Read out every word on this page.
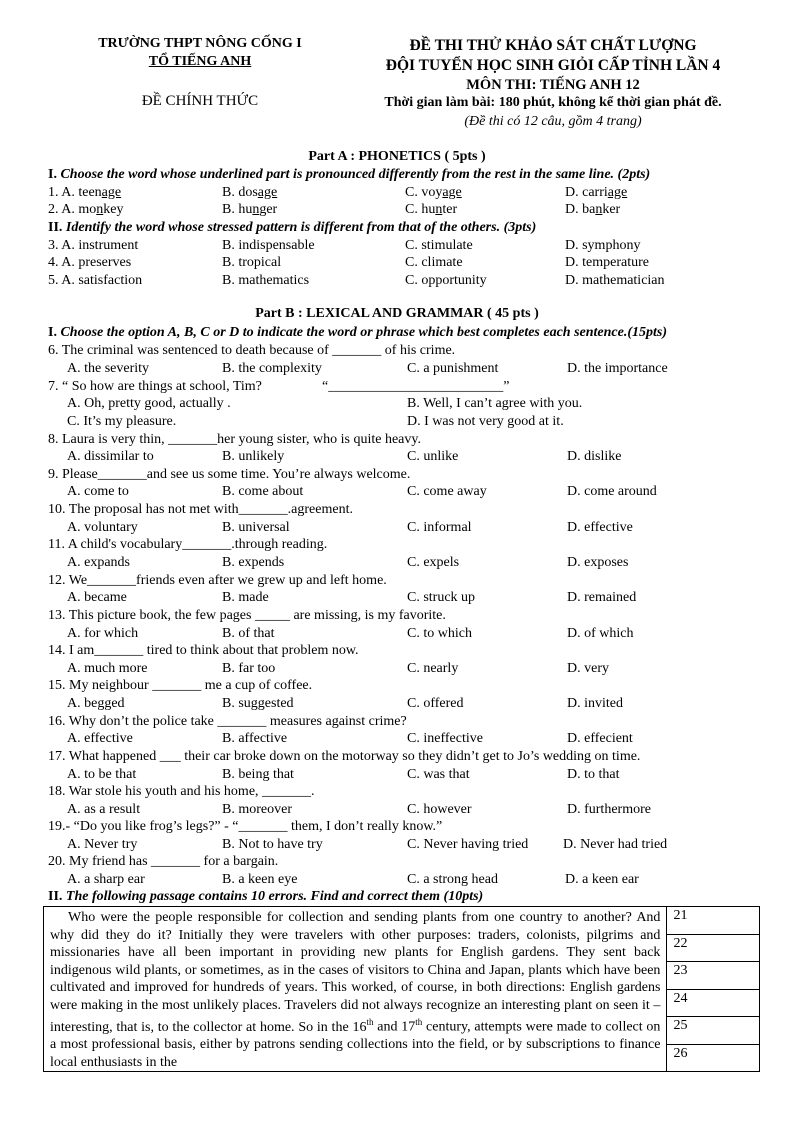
TRƯỜNG THPT NÔNG CỐNG I
TỔ TIẾNG ANH
ĐỀ CHÍNH THỨC
ĐỀ THI THỬ KHẢO SÁT CHẤT LƯỢNG
ĐỘI TUYỂN HỌC SINH GIỎI CẤP TỈNH LẦN 4
MÔN THI: TIẾNG ANH 12
Thời gian làm bài: 180 phút, không kể thời gian phát đề.
(Đề thi có 12 câu, gồm 4 trang)
Part A : PHONETICS ( 5pts )
I. Choose the word whose underlined part is pronounced differently from the rest in the same line. (2pts)
1. A. teenage	B. dosage	C. voyage	D. carriage
2. A. monkey	B. hunger	C. hunter	D. banker
II. Identify the word whose stressed pattern is different from that of the others. (3pts)
3. A. instrument	B. indispensable	C. stimulate	D. symphony
4. A. preserves	B. tropical	C. climate	D. temperature
5. A. satisfaction	B. mathematics	C. opportunity	D. mathematician
Part B : LEXICAL AND GRAMMAR ( 45 pts )
I. Choose the option A, B, C or D to indicate the word or phrase which best completes each sentence.(15pts)
6. The criminal was sentenced to death because of _______ of his crime.
A. the severity	B. the complexity	C. a punishment	D. the importance
7. “ So how are things at school, Tim?	“_________________________”
A. Oh, pretty good, actually .	B. Well, I can’t agree with you.
C. It’s my pleasure.	D. I was not very good at it.
8. Laura is very thin, _______her young sister, who is quite heavy.
A. dissimilar to	B. unlikely	C. unlike	D. dislike
9. Please_______and see us some time. You’re always welcome.
A. come to	B. come about	C. come away	D. come around
10. The proposal has not met with_______.agreement.
A. voluntary	B. universal	C. informal	D. effective
11. A child's vocabulary_______.through reading.
A. expands	B. expends	C. expels	D. exposes
12. We_______friends even after we grew up and left home.
A. became	B. made	C. struck up	D. remained
13. This picture book, the few pages _____ are missing, is my favorite.
A. for which	B. of that	C. to which	D. of which
14. I am_______ tired to think about that problem now.
A. much more	B. far too	C. nearly	D. very
15. My neighbour _______ me a cup of coffee.
A. begged	B. suggested	C. offered	D. invited
16. Why don’t the police take _______ measures against crime?
A. effective	B. affective	C. ineffective	D. effecient
17. What happened ___ their car broke down on the motorway so they didn’t get to Jo’s wedding on time.
A. to be that	B. being that	C. was that	D. to that
18. War stole his youth and his home, _______.
A. as a result	B. moreover	C. however	D. furthermore
19.- “Do you like frog’s legs?” - “_______ them, I don’t really know.”
A. Never try	B. Not to have try	C. Never having tried D. Never had tried
20. My friend has _______ for a bargain.
A. a sharp ear	B. a keen eye	C. a strong head	D. a keen ear
II. The following passage contains 10 errors. Find and correct them (10pts)
Who were the people responsible for collection and sending plants from one country to another? And why did they do it? Initially they were travelers with other purposes: traders, colonists, pilgrims and missionaries have all been important in providing new plants for English gardens. They sent back indigenous wild plants, or sometimes, as in the cases of visitors to China and Japan, plants which have been cultivated and improved for hundreds of years. This worked, of course, in both directions: English gardens were making in the most unlikely places. Travelers did not always recognize an interesting plant on seen it – interesting, that is, to the collector at home. So in the 16th and 17th century, attempts were made to collect on a most professional basis, either by patrons sending collections into the field, or by subscriptions to finance local enthusiasts in the	
21
22
23
24
25
26
